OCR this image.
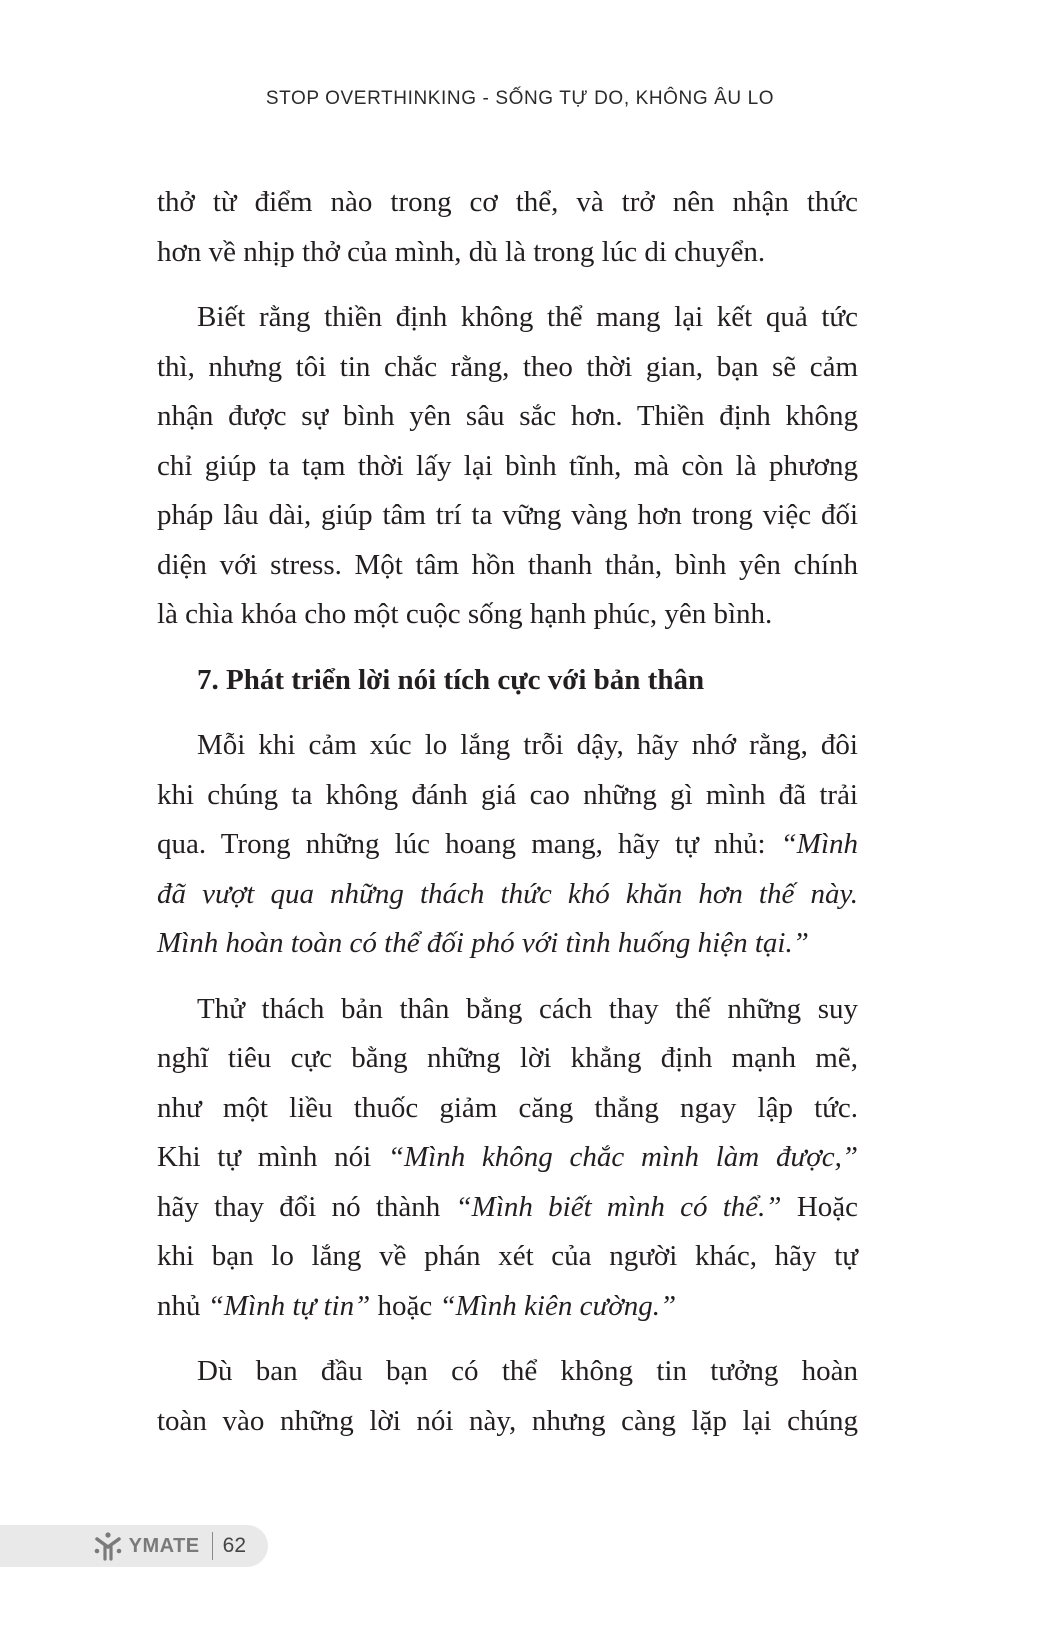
STOP OVERTHINKING - SỐNG TỰ DO, KHÔNG ÂU LO
thở từ điểm nào trong cơ thể, và trở nên nhận thức
hơn về nhịp thở của mình, dù là trong lúc di chuyển.
Biết rằng thiền định không thể mang lại kết quả tức
thì, nhưng tôi tin chắc rằng, theo thời gian, bạn sẽ cảm
nhận được sự bình yên sâu sắc hơn. Thiền định không
chỉ giúp ta tạm thời lấy lại bình tĩnh, mà còn là phương
pháp lâu dài, giúp tâm trí ta vững vàng hơn trong việc đối
diện với stress. Một tâm hồn thanh thản, bình yên chính
là chìa khóa cho một cuộc sống hạnh phúc, yên bình.
7. Phát triển lời nói tích cực với bản thân
Mỗi khi cảm xúc lo lắng trỗi dậy, hãy nhớ rằng, đôi
khi chúng ta không đánh giá cao những gì mình đã trải
qua. Trong những lúc hoang mang, hãy tự nhủ: “Mình
đã vượt qua những thách thức khó khăn hơn thế này.
Mình hoàn toàn có thể đối phó với tình huống hiện tại.”
Thử thách bản thân bằng cách thay thế những suy
nghĩ tiêu cực bằng những lời khẳng định mạnh mẽ,
như một liều thuốc giảm căng thẳng ngay lập tức.
Khi tự mình nói “Mình không chắc mình làm được,”
hãy thay đổi nó thành “Mình biết mình có thể.” Hoặc
khi bạn lo lắng về phán xét của người khác, hãy tự
nhủ “Mình tự tin” hoặc “Mình kiên cường.”
Dù ban đầu bạn có thể không tin tưởng hoàn
toàn vào những lời nói này, nhưng càng lặp lại chúng
YMATE 62
